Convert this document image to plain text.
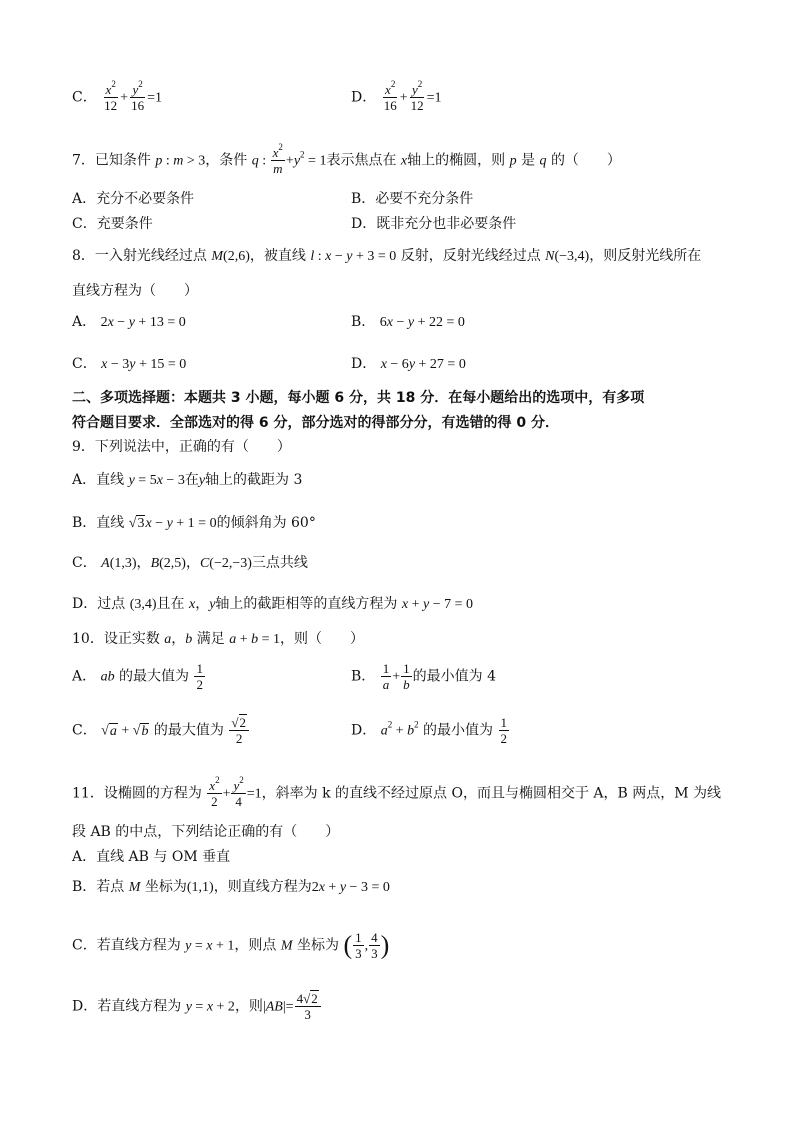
C． $\frac{x^2}{12} + \frac{y^2}{16} =1$	D． $\frac{x^2}{16} + \frac{y^2}{12} =1$
7．已知条件 p : m > 3，条件 q : $\frac{x^2}{m} +y^2 = 1$表示焦点在 x轴上的椭圆，则 p 是 q 的（　　）
A．充分不必要条件	B．必要不充分条件
C．充要条件	D．既非充分也非必要条件
8．一入射光线经过点 M(2,6)，被直线 l : x − y + 3 = 0 反射，反射光线经过点 N(−3,4)，则反射光线所在
直线方程为（　　）
A． 2x − y + 13 = 0	B． 6x − y + 22 = 0
C． x − 3y + 15 = 0	D． x − 6y + 27 = 0
二、多项选择题：本题共 3 小题，每小题 6 分，共 18 分．在每小题给出的选项中，有多项
符合题目要求．全部选对的得 6 分，部分选对的得部分分，有选错的得 0 分．
9．下列说法中，正确的有（　　）
A．直线 y = 5x − 3在y轴上的截距为 3
B．直线 √3x − y + 1 = 0的倾斜角为 60°
C． A(1,3)，B(2,5)，C(−2,−3)三点共线
D．过点 (3,4)且在 x，y轴上的截距相等的直线方程为 x + y − 7 = 0
10．设正实数 a，b 满足 a + b = 1，则（　　）
A． ab 的最大值为 $\frac{1}{2}$	B． $\frac{1}{a} + \frac{1}{b}$ 的最小值为 4
C． √a + √b 的最大值为 $\frac{√2}{2}$	D． $a^2 + b^2$ 的最小值为 $\frac{1}{2}$
11．设椭圆的方程为 $\frac{x^2}{2} + \frac{y^2}{4} =1$，斜率为 k 的直线不经过原点 O，而且与椭圆相交于 A，B 两点，M 为线
段 AB 的中点，下列结论正确的有（　　）
A．直线 AB 与 OM 垂直
B．若点 M 坐标为(1,1)，则直线方程为2x + y − 3 = 0
C．若直线方程为 y = x + 1，则点 M 坐标为 ( $\frac{1}{3}$ , $\frac{4}{3}$ )
D．若直线方程为 y = x + 2，则$|AB|= \frac{4√2}{3}$
